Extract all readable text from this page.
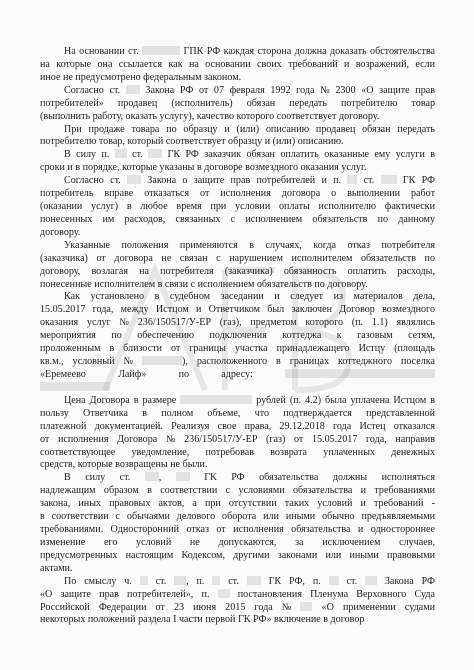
На основании ст.	ГПК РФ каждая сторона должна доказать обстоятельства
на которые она ссылается как на основании своих требований и возражений, если
иное не предусмотрено федеральным законом.
Согласно ст.  Закона РФ от 07 февраля 1992 года № 2300 «О защите прав
потребителей» продавец (исполнитель) обязан передать потребителю товар
(выполнить работу, оказать услугу), качество которого соответствует договору.
При продаже товара по образцу и (или) описанию продавец обязан передать
потребителю товар, который соответствует образцу и (или) описанию.
В силу п.  ст.  ГК РФ заказчик обязан оплатить оказанные ему услуги в
сроки и в порядке, которые указаны в договоре возмездного оказания услуг.
Согласно ст.  Закона о защите прав потребителей и п.  ст.  ГК РФ
потребитель вправе отказаться от исполнения договора о выполнении работ
(оказании услуг) в любое время при условии оплаты исполнителю фактически
понесенных им расходов, связанных с исполнением обязательств по данному
договору.
Указанные положения применяются в случаях, когда отказ потребителя
(заказчика) от договора не связан с нарушением исполнителем обязательств по
договору, возлагая на потребителя (заказчика) обязанность оплатить расходы,
понесенные исполнителем в связи с исполнением обязательств по договору.
Как установлено в судебном заседании и следует из материалов дела,
15.05.2017 года, между Истцом и Ответчиком был заключен Договор возмездного
оказания услуг № 236/150517/У-ЕР (газ), предметом которого (п. 1.1) являлись
мероприятия по обеспечению подключения коттеджа к газовым сетям,
проложенным в близости от границы участка принадлежащего Истцу (площадь
кв.м., условный №	), расположенного в границах коттеджного поселка
«Еремеево Лайф» по адресу:
Цена Договора в размере	рублей (п. 4.2) была уплачена Истцом в
пользу Ответчика в полном объеме, что подтверждается представленной
платежной документацией. Реализуя свое права, 29.12.2018 года Истец отказался
от исполнения Договора № 236/150517/У-ЕР (газ) от 15.05.2017 года, направив
соответствующее уведомление, потребовав возврата уплаченных денежных
средств, которые возвращены не были.
В силу ст. ,  ГК РФ обязательства должны исполняться
надлежащим образом в соответствии с условиями обязательства и требованиями
закона, иных правовых актов, а при отсутствии таких условий и требований -
в соответствии с обычаями делового оборота или иными обычно предъявляемыми
требованиями. Односторонний отказ от исполнения обязательства и одностороннее
изменение его условий не допускаются, за исключением случаев,
предусмотренных настоящим Кодексом, другими законами или иными правовыми
актами.
По смыслу ч.  ст. , п.  ст.  ГК РФ, п.  ст.  Закона РФ
«О защите прав потребителей», п.  постановления Пленума Верховного Суда
Российской Федерации от 23 июня 2015 года №  «О применении судами
некоторых положений раздела I части первой ГК РФ» включение в договор
